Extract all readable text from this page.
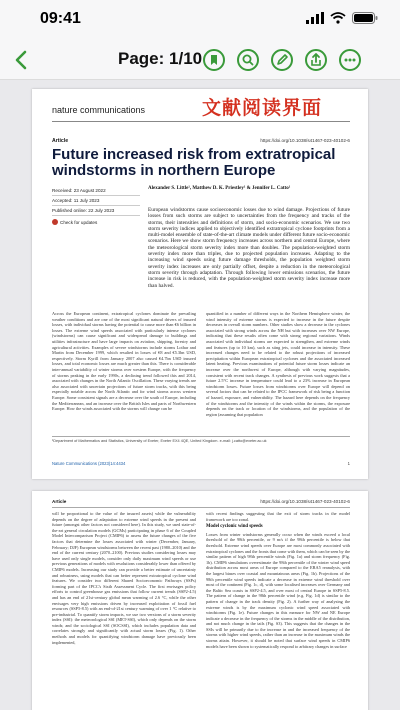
09:41
Page: 1/10
nature communications	文献阅读界面
Article	https://doi.org/10.1038/s41467-023-40102-6
Future increased risk from extratropical windstorms in northern Europe
Received: 23 August 2022
Accepted: 11 July 2023
Published online: 22 July 2023
Check for updates
Alexander S. Little¹, Matthew D. K. Priestley¹ & Jennifer L. Catto¹
European windstorms cause socioeconomic losses due to wind damage. Projections of future losses from such storms are subject to uncertainties from the frequency and tracks of the storms, their intensities and definitions of storm, and socio-economic scenarios. We use two storm severity indices applied to objectively identified extratropical cyclone footprints from a multi-model ensemble of state-of-the-art climate models under different future socio-economic scenarios. Here we show storm frequency increases across northern and central Europe, where the meteorological storm severity index more than doubles. The population-weighted storm severity index more than triples, due to projected population increases. Adapting to the increasing wind speeds using future damage thresholds, the population weighted storm severity index increases are only partially offset, despite a reduction in the meteorological storm severity through adaptation. Through following lower emissions scenarios, the future increase in risk is reduced, with the population-weighted storm severity index increase more than halved.
Across the European continent, extratropical cyclones dominate the prevailing weather conditions and are one of the most significant natural drivers of insured losses, with individual storms having the potential to cause more than €6 billion in losses. The extreme wind speeds associated with particularly intense cyclones (windstorms) can cause significant and widespread damage to buildings and utilities infrastructure and have large impacts on aviation, shipping, forestry and agricultural activities. Examples of severe windstorms include storms Lothar and Martin from December 1999, which resulted in losses of €8 and €5.3bn USD, respectively. Storm Kyrill from January 2007 also caused €4.7bn USD insured losses, and total economic losses are much greater than this. There is considerable inter-annual variability of winter storms over western Europe, with the frequency of storms peaking in the early 1990s, a declining trend followed this and 2014, associated with changes in the North Atlantic Oscillation. These varying trends are also associated with uncertain projections of future storm tracks, with this being especially notable across the North Atlantic and for wind storms across western Europe. Some consistent signals are a decrease over the south of Europe, including the Mediterranean, and an increase over the British Isles and parts of Northwestern Europe. How the winds associated with the storms will change can be
quantified in a number of different ways in the Northern Hemisphere winter, the wind intensity of extreme storms is expected to increase in the future despite decreases in overall storm numbers. Other studies show a decrease in the cyclones associated with strong winds across the NH but with increases over NW Europe, indicating that these results often come with strong regional variations. Winds associated with individual storms are expected to strengthen, and extreme winds and features (up to 10 km), such as sting jets, could increase in intensity. These increased changes need to be related to the robust projections of increased precipitation within European extratropical cyclones and the associated increased latent heating. Previous examinations of potential future storm losses indicate an increase over the northwest of Europe, although with varying magnitudes, consistent with recent track changes. A synthesis of previous work suggests that a future 2.5°C increase in temperature could lead to a 23% increase in European windstorm losses. Future losses from windstorms over Europe will depend on several factors that can be related to the IPCC framework of risk being a function of hazard, exposure, and vulnerability. The hazard here depends on the frequency of the windstorms and the intensity of the winds within the storms, the exposure depends on the track or location of the windstorms, and the population of the region (assuming that population
¹Department of Mathematics and Statistics, University of Exeter, Exeter EX4 4QE, United Kingdom. e-mail: j.catto@exeter.ac.uk
Nature Communications (2023)14:4434	1
Article	https://doi.org/10.1038/s41467-023-40102-6
will be proportional to the value of the insured assets) while the vulnerability depends on the degree of adaptation to extreme wind speeds in the present and future (amongst other factors not considered here). In this study, we used state-of-the-art general circulation models (GCMs) participating in phase 6 of the Coupled Model Intercomparison Project (CMIP6) to assess the future changes of the five factors that determine the losses associated with winter (December, January, February; DJF) European windstorms between the recent past (1980–2010) and the end of the current century (2070–2100). Previous studies considering losses may have used only single models, consider only daily maximum wind speeds or use previous generations of models with resolutions considerably lower than offered by CMIP6 models. Increasing our study can provide a better estimate of uncertainty and robustness, using models that can better represent extratropical cyclone wind features. We consider two different Shared Socioeconomic Pathways (SSPs) forming part of the IPCC's Sixth Assessment Cycle. The first envisages policy efforts to control greenhouse gas emissions that follow current trends (SSP2-4.5) and has an end of 21st-century global mean warming of 2.6 °C, while the other envisages very high emissions driven by increased exploitation of fossil fuel resources (SSP5-8.5) with an end-of-21st century warming of over 1 °C relative to pre-industrial. To quantify storm impacts, we use two versions of a storm severity index (SSI): the meteorological SSI (MET-SSI), which only depends on the storm winds; and the sociological SSI (SOCSSI), which includes population data and correlates strongly and significantly with actual storm losses (Fig. 1). Other methods and models for quantifying windstorm damage have previously been implemented,
with recent findings suggesting that the exit of storm tracks in the model framework are too zonal.
Model cyclonic wind speeds
Losses from winter windstorms generally occur when the winds exceed a local threshold of the 98th percentile, or 9 m/s if the 98th percentile is below that threshold. Extreme wind speeds over Europe are most commonly associated with extratropical cyclones and the fronts that come with them, which can be seen by the similar pattern of high 98th percentile winds (Fig. 1a) and storm frequency (Fig. 1b). CMIP6 simulations overestimate the 98th percentile of the winter wind speed distribution across most areas of Europe compared to the ERA5 reanalysis, with the largest biases over coastal and mountainous areas (Fig. 1b). Projections of the 98th percentile wind speeds indicate a decrease in extreme wind threshold over most of the continent (Fig. 1c, d), with some localised increases over Germany and the Baltic Sea coasts in SSP2-4.5, and over most of central Europe in SSP5-8.5. The pattern of change in the 98th percentile wind (e.g. Fig. 1d) is similar to the pattern of change in the track density (Fig. 2). A further way of analysing the extreme winds is by the maximum cyclonic wind speed associated with windstorms (Fig. 1e). Future changes in this measure for NW and NE Europe indicate a decrease in the frequency of the storms in the middle of the distribution, and not much change in the tails (Fig. S3). This suggests that the changes in the SSIs will be primarily due to the increase in and the increased frequency of the storms with higher wind speeds, rather than an increase in the maximum winds the storms attain. However, it should be noted that surface wind speeds in CMIP6 models have been shown to systematically respond to arbitrary changes in surface
